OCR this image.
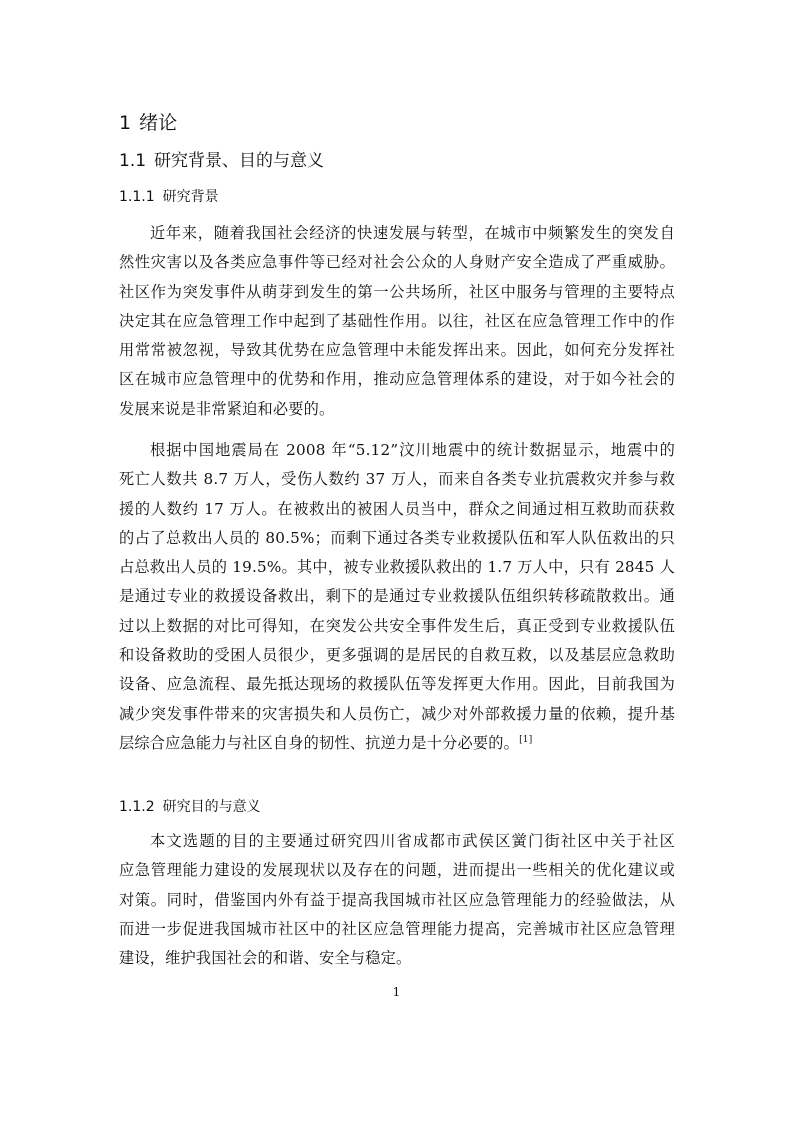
1 绪论
1.1 研究背景、目的与意义
1.1.1 研究背景
近年来，随着我国社会经济的快速发展与转型，在城市中频繁发生的突发自
然性灾害以及各类应急事件等已经对社会公众的人身财产安全造成了严重威胁。
社区作为突发事件从萌芽到发生的第一公共场所，社区中服务与管理的主要特点
决定其在应急管理工作中起到了基础性作用。以往，社区在应急管理工作中的作
用常常被忽视，导致其优势在应急管理中未能发挥出来。因此，如何充分发挥社
区在城市应急管理中的优势和作用，推动应急管理体系的建设，对于如今社会的
发展来说是非常紧迫和必要的。
根据中国地震局在 2008 年“5.12”汶川地震中的统计数据显示，地震中的
死亡人数共 8.7 万人，受伤人数约 37 万人，而来自各类专业抗震救灾并参与救
援的人数约 17 万人。在被救出的被困人员当中，群众之间通过相互救助而获救
的占了总救出人员的 80.5%；而剩下通过各类专业救援队伍和军人队伍救出的只
占总救出人员的 19.5%。其中，被专业救援队救出的 1.7 万人中，只有 2845 人
是通过专业的救援设备救出，剩下的是通过专业救援队伍组织转移疏散救出。通
过以上数据的对比可得知，在突发公共安全事件发生后，真正受到专业救援队伍
和设备救助的受困人员很少，更多强调的是居民的自救互救，以及基层应急救助
设备、应急流程、最先抵达现场的救援队伍等发挥更大作用。因此，目前我国为
减少突发事件带来的灾害损失和人员伤亡，减少对外部救援力量的依赖，提升基
层综合应急能力与社区自身的韧性、抗逆力是十分必要的。[1]
1.1.2 研究目的与意义
本文选题的目的主要通过研究四川省成都市武侯区黉门街社区中关于社区
应急管理能力建设的发展现状以及存在的问题，进而提出一些相关的优化建议或
对策。同时，借鉴国内外有益于提高我国城市社区应急管理能力的经验做法，从
而进一步促进我国城市社区中的社区应急管理能力提高，完善城市社区应急管理
建设，维护我国社会的和谐、安全与稳定。
1
